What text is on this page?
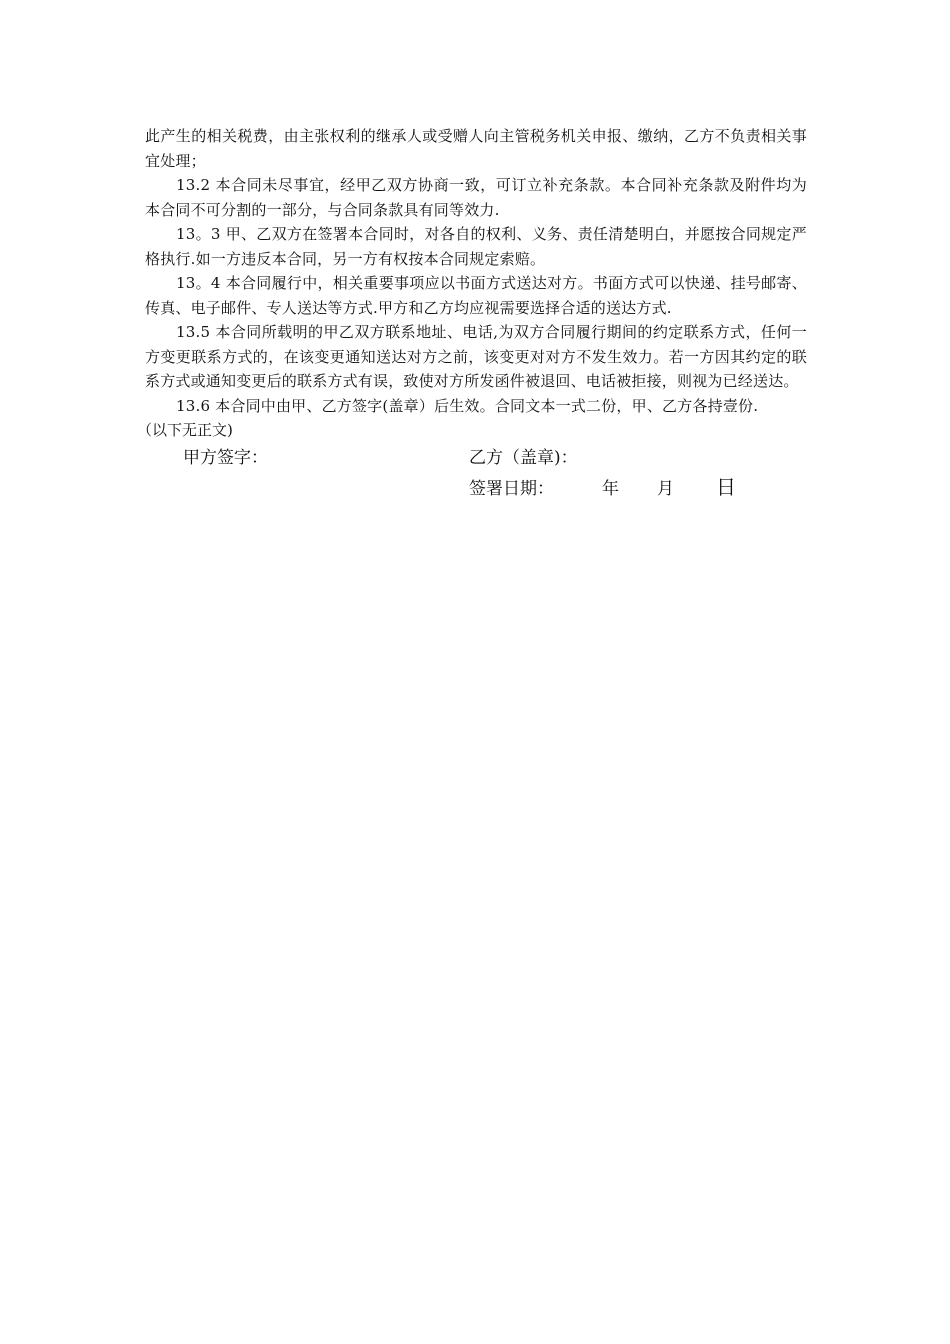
此产生的相关税费，由主张权利的继承人或受赠人向主管税务机关申报、缴纳，乙方不负责相关事宜处理；

13.2 本合同未尽事宜，经甲乙双方协商一致，可订立补充条款。本合同补充条款及附件均为本合同不可分割的一部分，与合同条款具有同等效力.

13。3 甲、乙双方在签署本合同时，对各自的权利、义务、责任清楚明白，并愿按合同规定严格执行.如一方违反本合同，另一方有权按本合同规定索赔。

13。4 本合同履行中，相关重要事项应以书面方式送达对方。书面方式可以快递、挂号邮寄、传真、电子邮件、专人送达等方式.甲方和乙方均应视需要选择合适的送达方式.

13.5 本合同所载明的甲乙双方联系地址、电话,为双方合同履行期间的约定联系方式，任何一方变更联系方式的，在该变更通知送达对方之前，该变更对对方不发生效力。若一方因其约定的联系方式或通知变更后的联系方式有误，致使对方所发函件被退回、电话被拒接，则视为已经送达。

13.6 本合同中由甲、乙方签字(盖章）后生效。合同文本一式二份，甲、乙方各持壹份.

（以下无正文)

甲方签字：	乙方（盖章)：
签署日期：	年 月 日
